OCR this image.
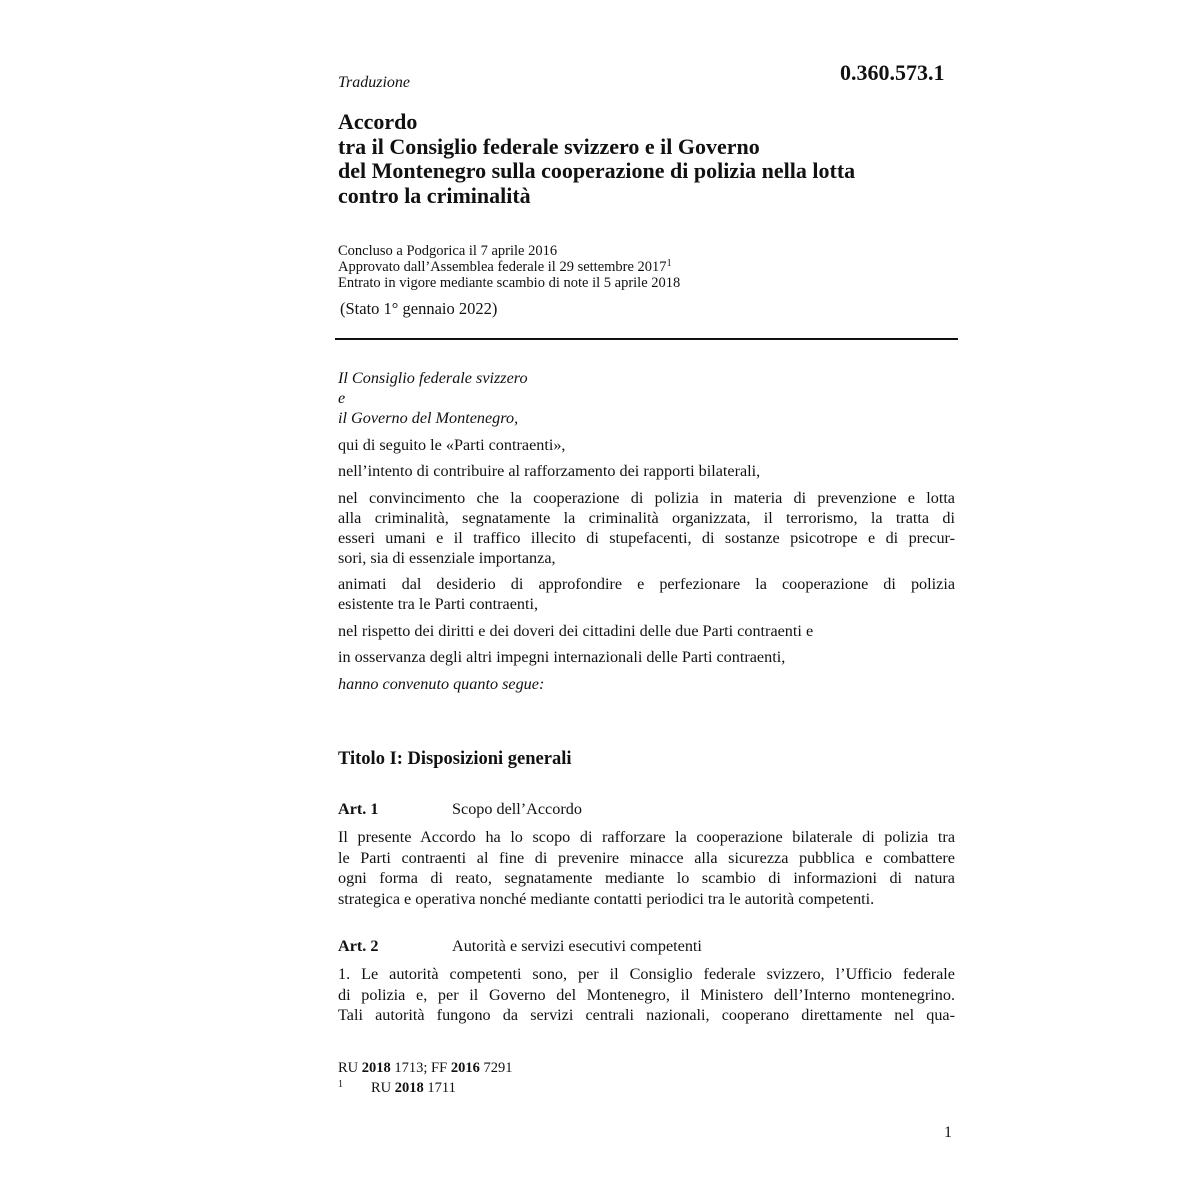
Traduzione	0.360.573.1
Accordo
tra il Consiglio federale svizzero e il Governo
del Montenegro sulla cooperazione di polizia nella lotta
contro la criminalità
Concluso a Podgorica il 7 aprile 2016
Approvato dall’Assemblea federale il 29 settembre 2017$^1$
Entrato in vigore mediante scambio di note il 5 aprile 2018
(Stato 1° gennaio 2022)
Il Consiglio federale svizzero
e
il Governo del Montenegro,
qui di seguito le «Parti contraenti»,
nell’intento di contribuire al rafforzamento dei rapporti bilaterali,
nel convincimento che la cooperazione di polizia in materia di prevenzione e lotta
alla criminalità, segnatamente la criminalità organizzata, il terrorismo, la tratta di
esseri umani e il traffico illecito di stupefacenti, di sostanze psicotrope e di precur-
sori, sia di essenziale importanza,
animati dal desiderio di approfondire e perfezionare la cooperazione di polizia
esistente tra le Parti contraenti,
nel rispetto dei diritti e dei doveri dei cittadini delle due Parti contraenti e
in osservanza degli altri impegni internazionali delle Parti contraenti,
hanno convenuto quanto segue:
Titolo I: Disposizioni generali
Art. 1	Scopo dell’Accordo
Il presente Accordo ha lo scopo di rafforzare la cooperazione bilaterale di polizia tra
le Parti contraenti al fine di prevenire minacce alla sicurezza pubblica e combattere
ogni forma di reato, segnatamente mediante lo scambio di informazioni di natura
strategica e operativa nonché mediante contatti periodici tra le autorità competenti.
Art. 2	Autorità e servizi esecutivi competenti
1. Le autorità competenti sono, per il Consiglio federale svizzero, l’Ufficio federale
di polizia e, per il Governo del Montenegro, il Ministero dell’Interno montenegrino.
Tali autorità fungono da servizi centrali nazionali, cooperano direttamente nel qua-
RU 2018 1713; FF 2016 7291
1 RU 2018 1711
1
